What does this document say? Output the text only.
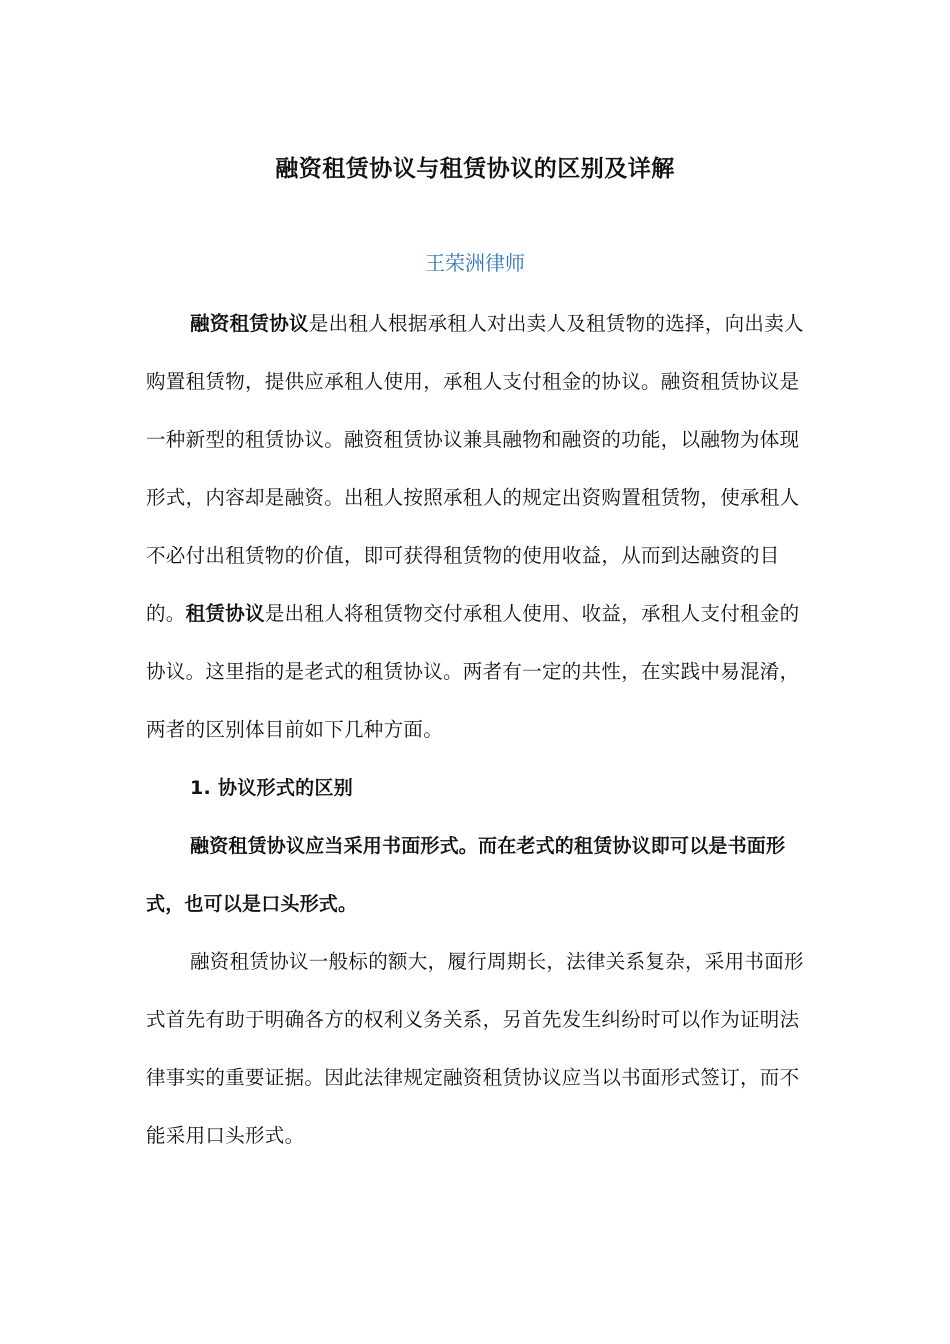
融资租赁协议与租赁协议的区别及详解
王荣洲律师

融资租赁协议是出租人根据承租人对出卖人及租赁物的选择，向出卖人购置租赁物，提供应承租人使用，承租人支付租金的协议。融资租赁协议是一种新型的租赁协议。融资租赁协议兼具融物和融资的功能，以融物为体现形式，内容却是融资。出租人按照承租人的规定出资购置租赁物，使承租人不必付出租赁物的价值，即可获得租赁物的使用收益，从而到达融资的目的。租赁协议是出租人将租赁物交付承租人使用、收益，承租人支付租金的协议。这里指的是老式的租赁协议。两者有一定的共性，在实践中易混淆，两者的区别体目前如下几种方面。

1. 协议形式的区别

融资租赁协议应当采用书面形式。而在老式的租赁协议即可以是书面形式，也可以是口头形式。

融资租赁协议一般标的额大，履行周期长，法律关系复杂，采用书面形式首先有助于明确各方的权利义务关系，另首先发生纠纷时可以作为证明法律事实的重要证据。因此法律规定融资租赁协议应当以书面形式签订，而不能采用口头形式。
